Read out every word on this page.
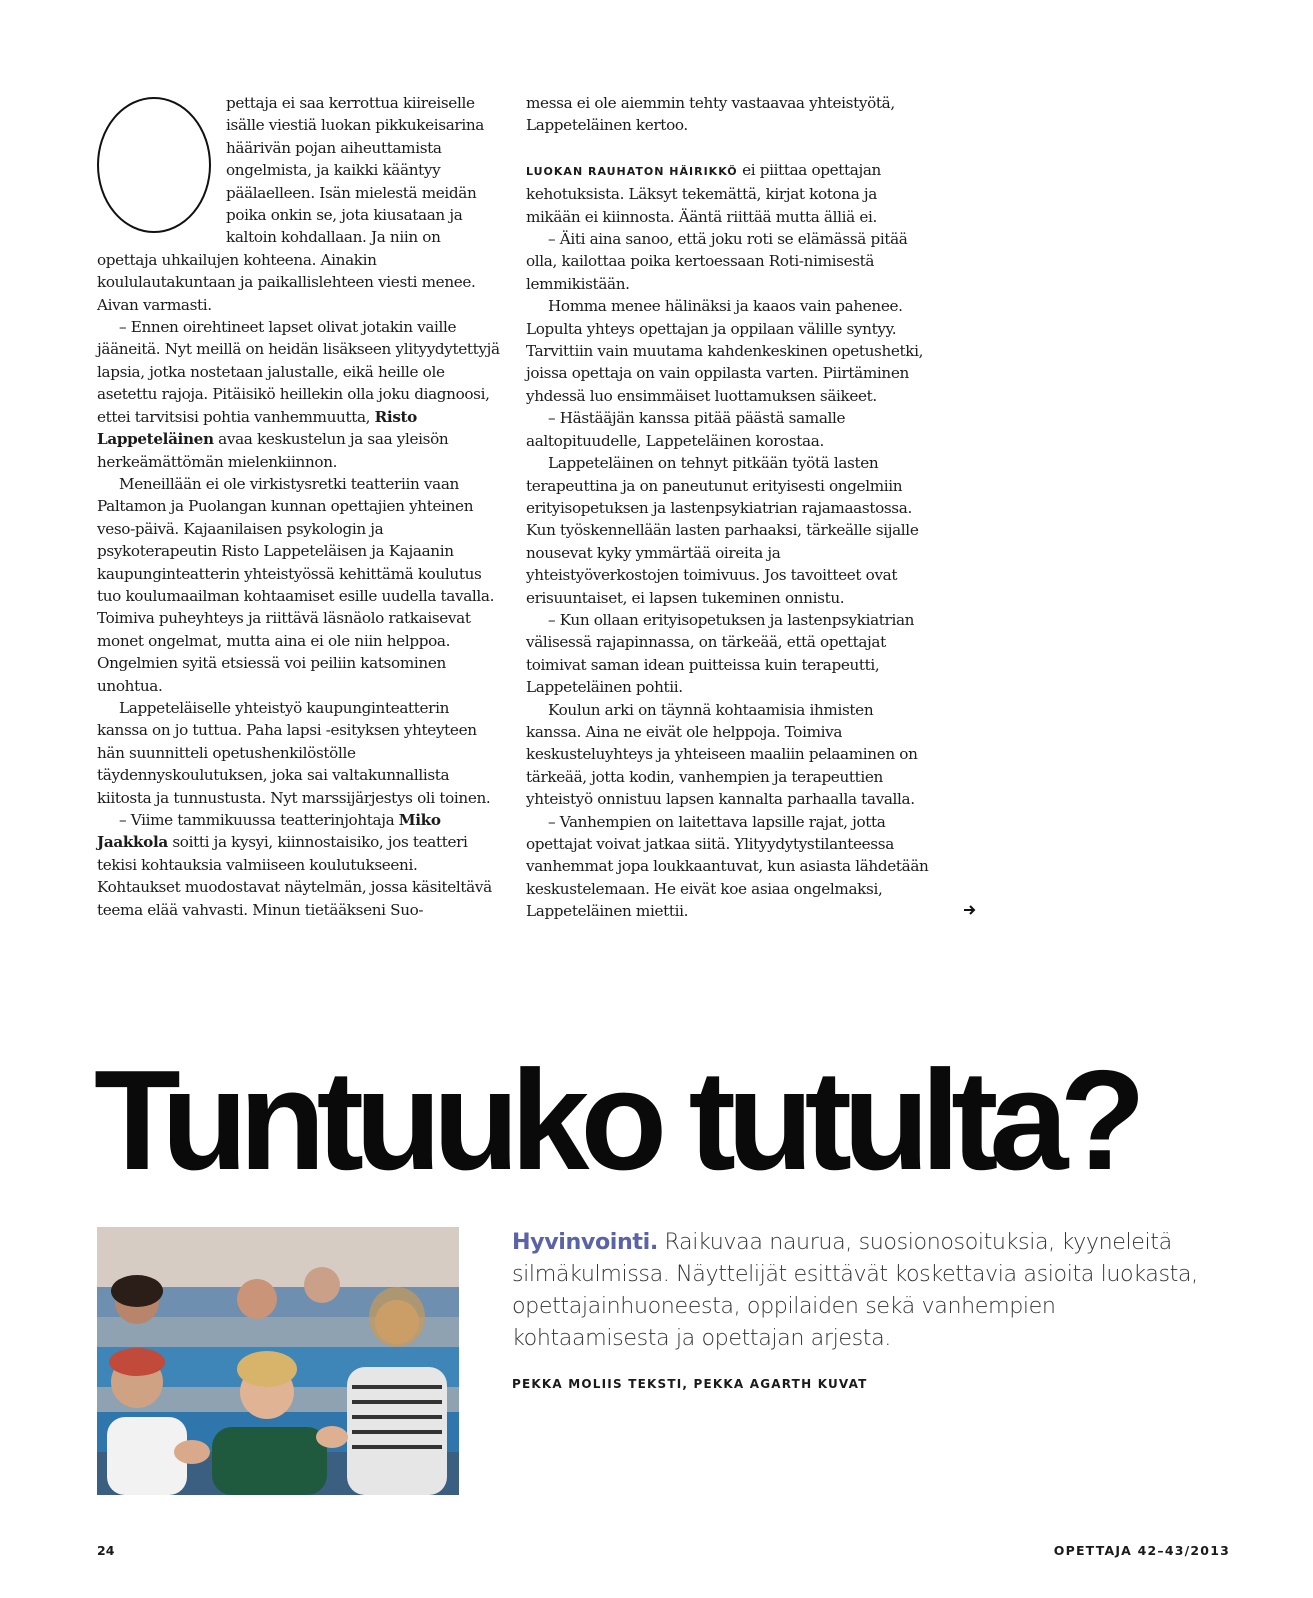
pettaja ei saa kerrottua kiireiselle isälle viestiä luokan pikkukeisarina häärivän pojan aiheuttamista ongelmista, ja kaikki kääntyy päälaelleen. Isän mielestä meidän poika onkin se, jota kiusataan ja kaltoin kohdallaan. Ja niin on opettaja uhkailujen kohteena. Ainakin koululautakuntaan ja paikallislehteen viesti menee. Aivan varmasti.

– Ennen oirehtineet lapset olivat jotakin vaille jääneitä. Nyt meillä on heidän lisäkseen ylityydytettyjä lapsia, jotka nostetaan jalustalle, eikä heille ole asetettu rajoja. Pitäisikö heillekin olla joku diagnoosi, ettei tarvitsisi pohtia vanhemmuutta, Risto Lappeteläinen avaa keskustelun ja saa yleisön herkeämättömän mielenkiinnon.

Meneillään ei ole virkistysretki teatteriin vaan Paltamon ja Puolangan kunnan opettajien yhteinen veso-päivä. Kajaanilaisen psykologin ja psykoterapeutin Risto Lappeteläisen ja Kajaanin kaupunginteatterin yhteistyössä kehittämä koulutus tuo koulumaailman kohtaamiset esille uudella tavalla. Toimiva puheyhteys ja riittävä läsnäolo ratkaisevat monet ongelmat, mutta aina ei ole niin helppoa. Ongelmien syitä etsiessä voi peiliin katsominen unohtua.

Lappeteläiselle yhteistyö kaupunginteatterin kanssa on jo tuttua. Paha lapsi -esityksen yhteyteen hän suunnitteli opetushenkilöstölle täydennyskoulutuksen, joka sai valtakunnallista kiitosta ja tunnustusta. Nyt marssijärjestys oli toinen.

– Viime tammikuussa teatterinjohtaja Miko Jaakkola soitti ja kysyi, kiinnostaisiko, jos teatteri tekisi kohtauksia valmiiseen koulutukseeni. Kohtaukset muodostavat näytelmän, jossa käsiteltävä teema elää vahvasti. Minun tietääkseni Suo-

messa ei ole aiemmin tehty vastaavaa yhteistyötä, Lappeteläinen kertoo.

LUOKAN RAUHATON HÄIRIKKÖ ei piittaa opettajan kehotuksista. Läksyt tekemättä, kirjat kotona ja mikään ei kiinnosta. Ääntä riittää mutta älliä ei.

– Äiti aina sanoo, että joku roti se elämässä pitää olla, kailottaa poika kertoessaan Roti-nimisestä lemmikistään.

Homma menee hälinäksi ja kaaos vain pahenee. Lopulta yhteys opettajan ja oppilaan välille syntyy. Tarvittiin vain muutama kahdenkeskinen opetushetki, joissa opettaja on vain oppilasta varten. Piirtäminen yhdessä luo ensimmäiset luottamuksen säikeet.

– Hästääjän kanssa pitää päästä samalle aaltopituudelle, Lappeteläinen korostaa.

Lappeteläinen on tehnyt pitkään työtä lasten terapeuttina ja on paneutunut erityisesti ongelmiin erityisopetuksen ja lastenpsykiatrian rajamaastossa. Kun työskennellään lasten parhaaksi, tärkeälle sijalle nousevat kyky ymmärtää oireita ja yhteistyöverkostojen toimivuus. Jos tavoitteet ovat erisuuntaiset, ei lapsen tukeminen onnistu.

– Kun ollaan erityisopetuksen ja lastenpsykiatrian välisessä rajapinnassa, on tärkeää, että opettajat toimivat saman idean puitteissa kuin terapeutti, Lappeteläinen pohtii.

Koulun arki on täynnä kohtaamisia ihmisten kanssa. Aina ne eivät ole helppoja. Toimiva keskusteluyhteys ja yhteiseen maaliin pelaaminen on tärkeää, jotta kodin, vanhempien ja terapeuttien yhteistyö onnistuu lapsen kannalta parhaalla tavalla.

– Vanhempien on laitettava lapsille rajat, jotta opettajat voivat jatkaa siitä. Ylityydytystilanteessa vanhemmat jopa loukkaantuvat, kun asiasta lähdetään keskustelemaan. He eivät koe asiaa ongelmaksi, Lappeteläinen miettii.

Tuntuuko tutulta?

Hyvinvointi. Raikuvaa naurua, suosionosoituksia, kyyneleitä silmäkulmissa. Näyttelijät esittävät koskettavia asioita luokasta, opettajainhuoneesta, oppilaiden sekä vanhempien kohtaamisesta ja opettajan arjesta.

PEKKA MOLIIS TEKSTI, PEKKA AGARTH KUVAT

24	OPETTAJA 42–43/2013
